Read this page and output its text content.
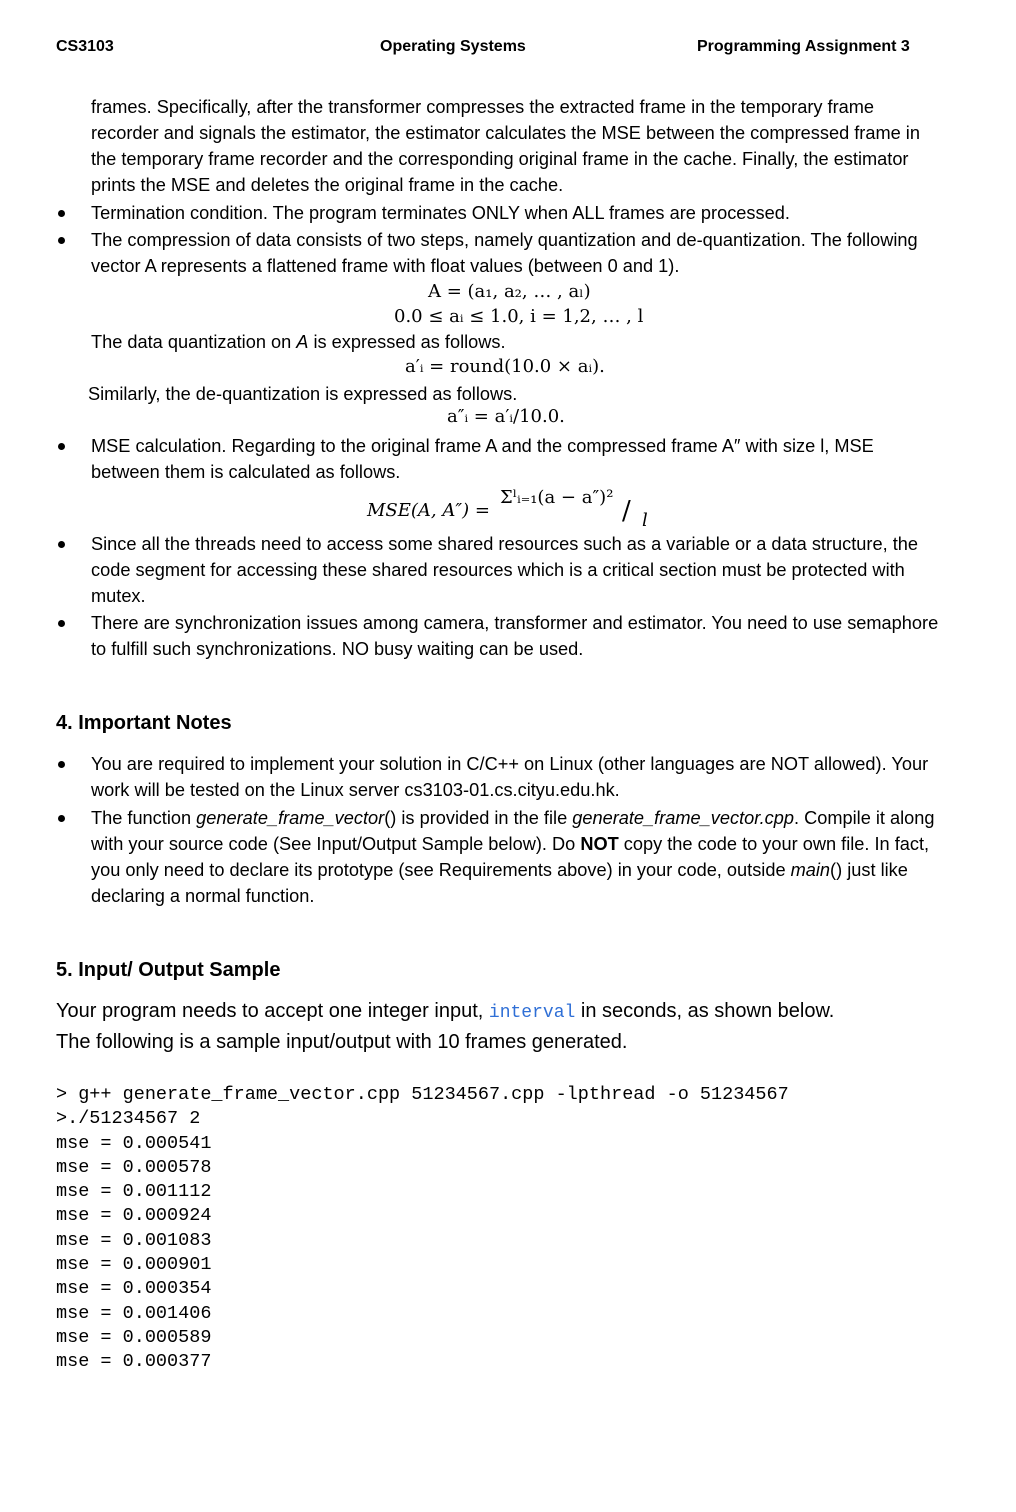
CS3103	Operating Systems	Programming Assignment 3
frames. Specifically, after the transformer compresses the extracted frame in the temporary frame recorder and signals the estimator, the estimator calculates the MSE between the compressed frame in the temporary frame recorder and the corresponding original frame in the cache. Finally, the estimator prints the MSE and deletes the original frame in the cache.
Termination condition. The program terminates ONLY when ALL frames are processed.
The compression of data consists of two steps, namely quantization and de-quantization. The following vector A represents a flattened frame with float values (between 0 and 1).
A = (a₁, a₂, … , aₗ)
0.0 ≤ aᵢ ≤ 1.0, i = 1,2, … , l
The data quantization on A is expressed as follows.
a′ᵢ = round(10.0 × aᵢ).
Similarly, the de-quantization is expressed as follows.
a″ᵢ = a′ᵢ/10.0.
MSE calculation. Regarding to the original frame A and the compressed frame A″ with size l, MSE between them is calculated as follows.
MSE(A, A″) =
Σˡᵢ₌₁(a − a″)² / l
Since all the threads need to access some shared resources such as a variable or a data structure, the code segment for accessing these shared resources which is a critical section must be protected with mutex.
There are synchronization issues among camera, transformer and estimator. You need to use semaphore to fulfill such synchronizations. NO busy waiting can be used.
4. Important Notes
You are required to implement your solution in C/C++ on Linux (other languages are NOT allowed). Your work will be tested on the Linux server cs3103-01.cs.cityu.edu.hk.
The function generate_frame_vector() is provided in the file generate_frame_vector.cpp. Compile it along with your source code (See Input/Output Sample below). Do NOT copy the code to your own file. In fact, you only need to declare its prototype (see Requirements above) in your code, outside main() just like declaring a normal function.
5. Input/ Output Sample
Your program needs to accept one integer input, interval in seconds, as shown below.
The following is a sample input/output with 10 frames generated.
> g++ generate_frame_vector.cpp 51234567.cpp -lpthread -o 51234567
>./51234567 2
mse = 0.000541
mse = 0.000578
mse = 0.001112
mse = 0.000924
mse = 0.001083
mse = 0.000901
mse = 0.000354
mse = 0.001406
mse = 0.000589
mse = 0.000377
